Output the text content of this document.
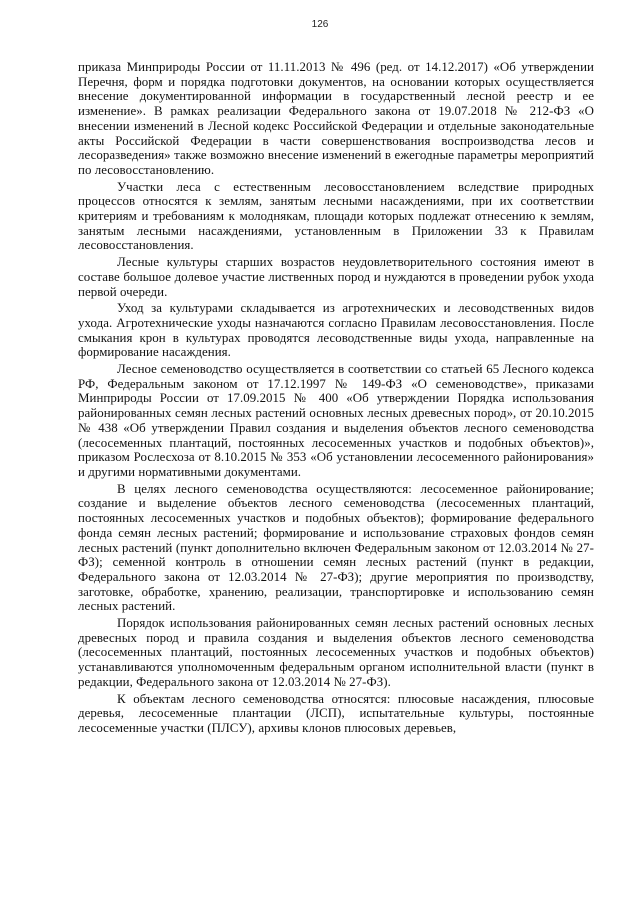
126

приказа Минприроды России от 11.11.2013 № 496 (ред. от 14.12.2017) «Об утверждении Перечня, форм и порядка подготовки документов, на основании которых осуществляется внесение документированной информации в государственный лесной реестр и ее изменение». В рамках реализации Федерального закона от 19.07.2018 № 212-ФЗ «О внесении изменений в Лесной кодекс Российской Федерации и отдельные законодательные акты Российской Федерации в части совершенствования воспроизводства лесов и лесоразведения» также возможно внесение изменений в ежегодные параметры мероприятий по лесовосстановлению.

Участки леса с естественным лесовосстановлением вследствие природных процессов относятся к землям, занятым лесными насаждениями, при их соответствии критериям и требованиям к молоднякам, площади которых подлежат отнесению к землям, занятым лесными насаждениями, установленным в Приложении 33 к Правилам лесовосстановления.

Лесные культуры старших возрастов неудовлетворительного состояния имеют в составе большое долевое участие лиственных пород и нуждаются в проведении рубок ухода первой очереди.

Уход за культурами складывается из агротехнических и лесоводственных видов ухода. Агротехнические уходы назначаются согласно Правилам лесовосстановления. После смыкания крон в культурах проводятся лесоводственные виды ухода, направленные на формирование насаждения.

Лесное семеноводство осуществляется в соответствии со статьей 65 Лесного кодекса РФ, Федеральным законом от 17.12.1997 № 149-ФЗ «О семеноводстве», приказами Минприроды России от 17.09.2015 № 400 «Об утверждении Порядка использования районированных семян лесных растений основных лесных древесных пород», от 20.10.2015 № 438 «Об утверждении Правил создания и выделения объектов лесного семеноводства (лесосеменных плантаций, постоянных лесосеменных участков и подобных объектов)», приказом Рослесхоза от 8.10.2015 № 353 «Об установлении лесосеменного районирования» и другими нормативными документами.

В целях лесного семеноводства осуществляются: лесосеменное районирование; создание и выделение объектов лесного семеноводства (лесосеменных плантаций, постоянных лесосеменных участков и подобных объектов); формирование федерального фонда семян лесных растений; формирование и использование страховых фондов семян лесных растений (пункт дополнительно включен Федеральным законом от 12.03.2014 № 27-ФЗ); семенной контроль в отношении семян лесных растений (пункт в редакции, Федерального закона от 12.03.2014 № 27-ФЗ); другие мероприятия по производству, заготовке, обработке, хранению, реализации, транспортировке и использованию семян лесных растений.

Порядок использования районированных семян лесных растений основных лесных древесных пород и правила создания и выделения объектов лесного семеноводства (лесосеменных плантаций, постоянных лесосеменных участков и подобных объектов) устанавливаются уполномоченным федеральным органом исполнительной власти (пункт в редакции, Федерального закона от 12.03.2014 № 27-ФЗ).

К объектам лесного семеноводства относятся: плюсовые насаждения, плюсовые деревья, лесосеменные плантации (ЛСП), испытательные культуры, постоянные лесосеменные участки (ПЛСУ), архивы клонов плюсовых деревьев,
